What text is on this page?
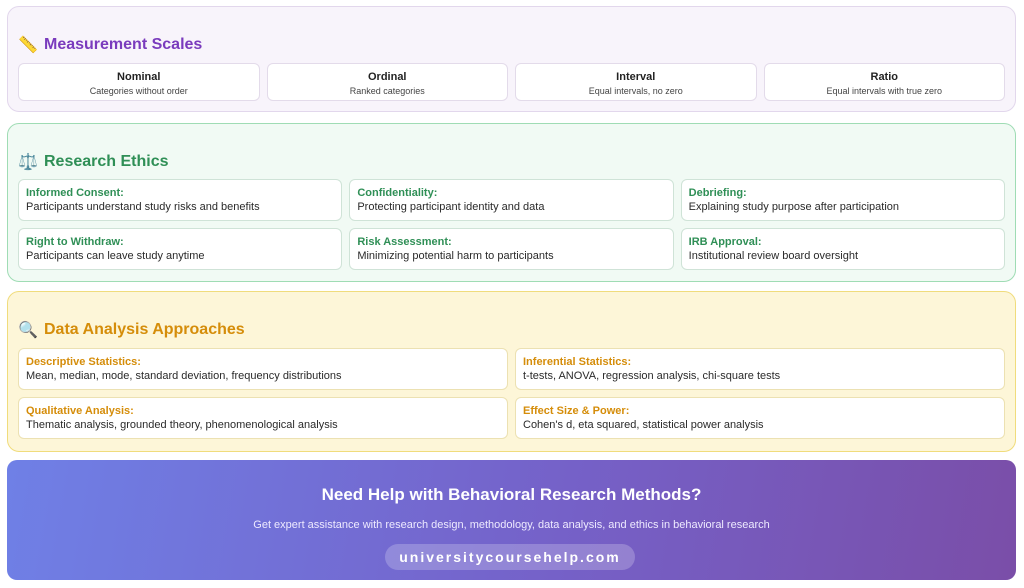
📏 Measurement Scales
Nominal
Categories without order
Ordinal
Ranked categories
Interval
Equal intervals, no zero
Ratio
Equal intervals with true zero
⚖️ Research Ethics
Informed Consent:
Participants understand study risks and benefits
Confidentiality:
Protecting participant identity and data
Debriefing:
Explaining study purpose after participation
Right to Withdraw:
Participants can leave study anytime
Risk Assessment:
Minimizing potential harm to participants
IRB Approval:
Institutional review board oversight
🔍 Data Analysis Approaches
Descriptive Statistics:
Mean, median, mode, standard deviation, frequency distributions
Inferential Statistics:
t-tests, ANOVA, regression analysis, chi-square tests
Qualitative Analysis:
Thematic analysis, grounded theory, phenomenological analysis
Effect Size & Power:
Cohen's d, eta squared, statistical power analysis
Need Help with Behavioral Research Methods?

Get expert assistance with research design, methodology, data analysis, and ethics in behavioral research

universitycoursehelp.com
